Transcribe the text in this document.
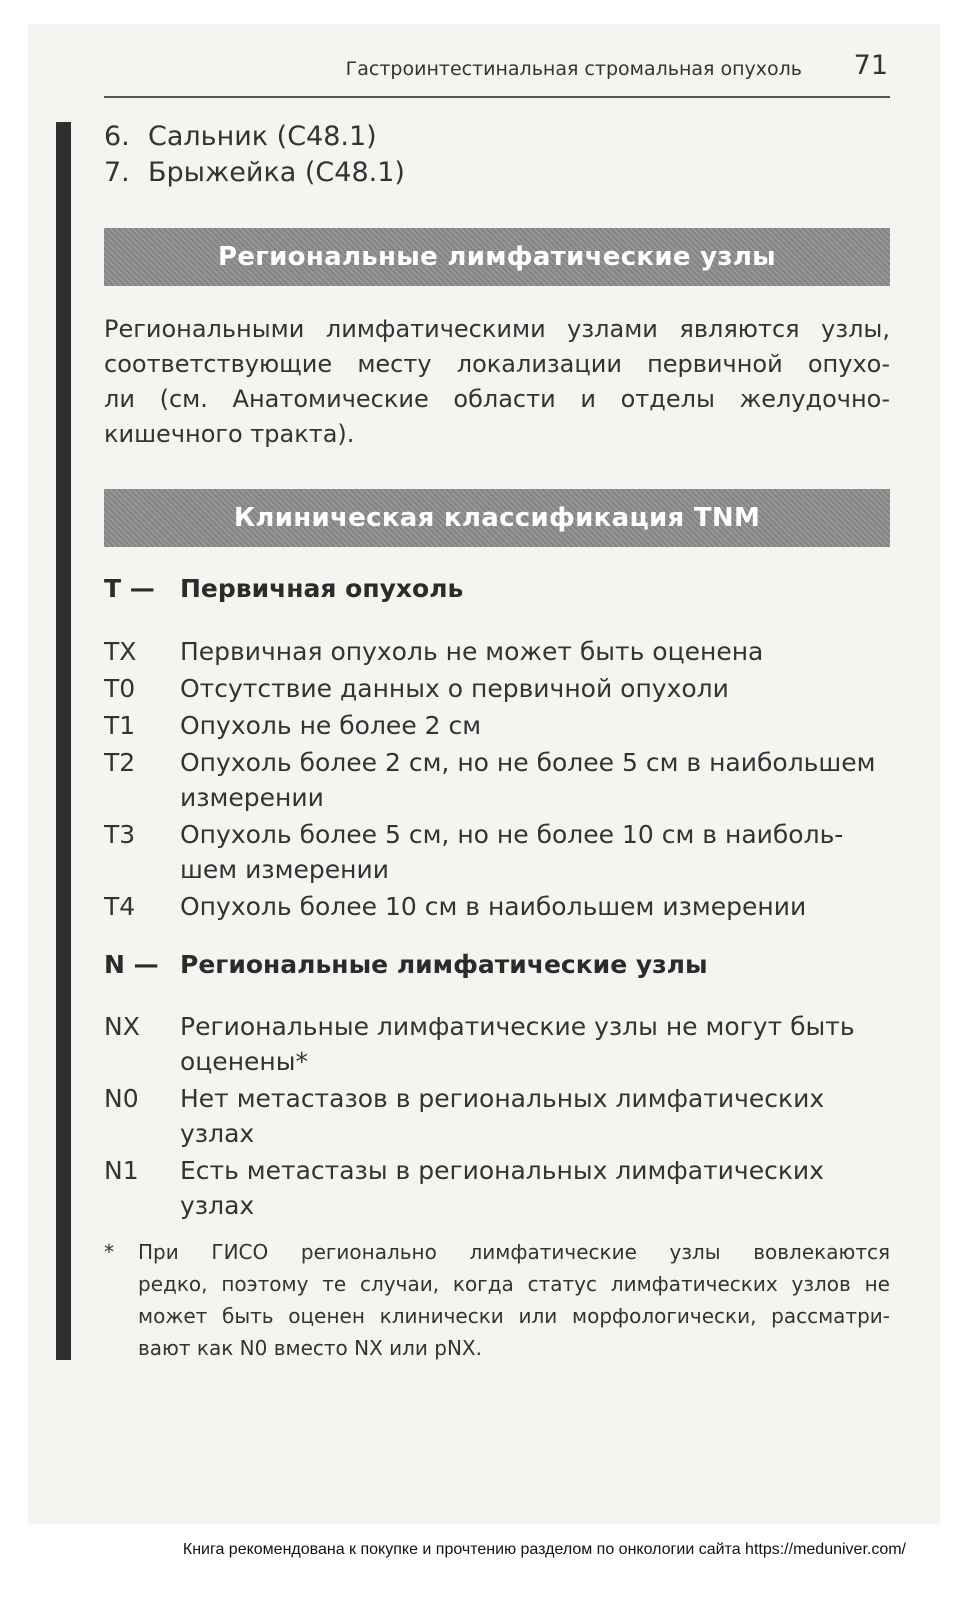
Гастроинтестинальная стромальная опухоль 71
6. Сальник (С48.1)
7. Брыжейка (С48.1)
Региональные лимфатические узлы
Региональными лимфатическими узлами являются узлы,
соответствующие месту локализации первичной опухо-
ли (см. Анатомические области и отделы желудочно-
кишечного тракта).
Клиническая классификация TNM
T — Первичная опухоль
TX	Первичная опухоль не может быть оценена
T0	Отсутствие данных о первичной опухоли
T1	Опухоль не более 2 см
T2	Опухоль более 2 см, но не более 5 см в наибольшем
измерении
T3	Опухоль более 5 см, но не более 10 см в наиболь-
шем измерении
T4	Опухоль более 10 см в наибольшем измерении
N — Региональные лимфатические узлы
NX	Региональные лимфатические узлы не могут быть
оценены*
N0	Нет метастазов в региональных лимфатических
узлах
N1	Есть метастазы в региональных лимфатических
узлах
*	При ГИСО регионально лимфатические узлы вовлекаются
редко, поэтому те случаи, когда статус лимфатических узлов не
может быть оценен клинически или морфологически, рассматри-
вают как N0 вместо NX или pNX.
Книга рекомендована к покупке и прочтению разделом по онкологии сайта https://meduniver.com/
